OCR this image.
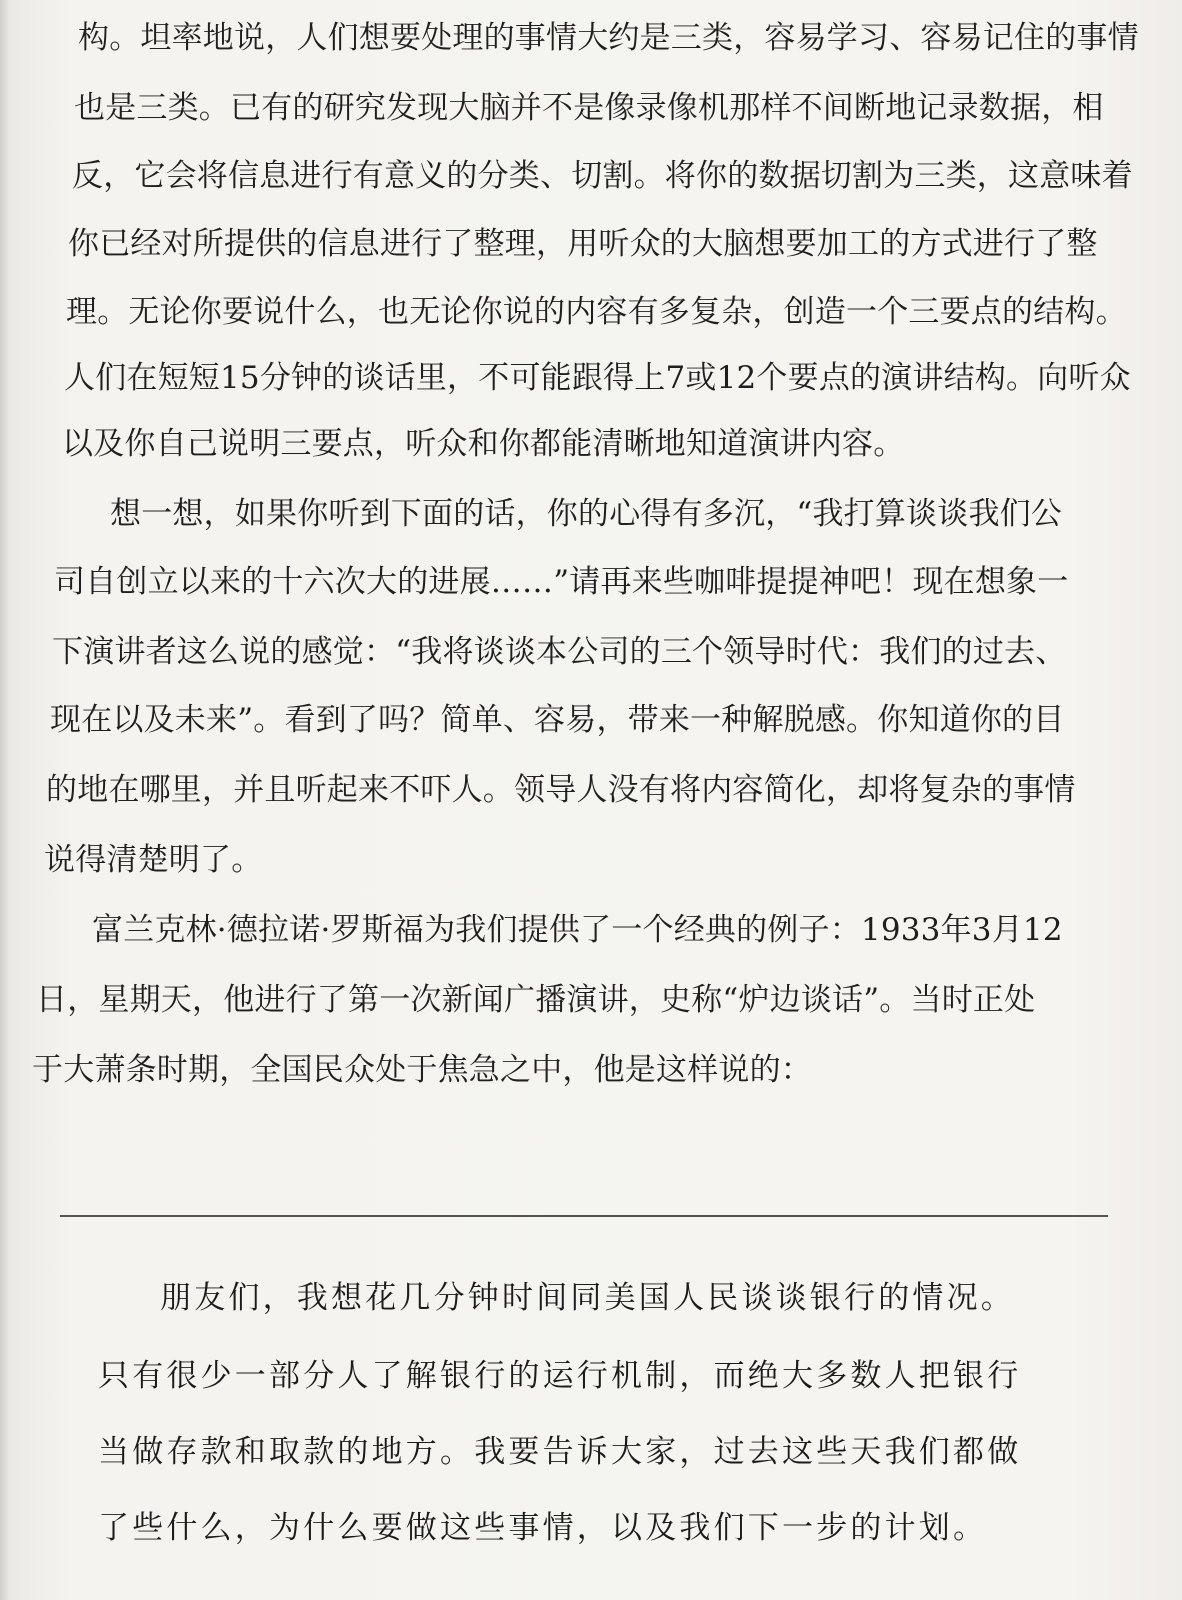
构。坦率地说，人们想要处理的事情大约是三类，容易学习、容易记住的事情
也是三类。已有的研究发现大脑并不是像录像机那样不间断地记录数据，相
反，它会将信息进行有意义的分类、切割。将你的数据切割为三类，这意味着
你已经对所提供的信息进行了整理，用听众的大脑想要加工的方式进行了整
理。无论你要说什么，也无论你说的内容有多复杂，创造一个三要点的结构。
人们在短短15分钟的谈话里，不可能跟得上7或12个要点的演讲结构。向听众
以及你自己说明三要点，听众和你都能清晰地知道演讲内容。
想一想，如果你听到下面的话，你的心得有多沉，“我打算谈谈我们公
司自创立以来的十六次大的进展……”请再来些咖啡提提神吧！现在想象一
下演讲者这么说的感觉：“我将谈谈本公司的三个领导时代：我们的过去、
现在以及未来”。看到了吗？简单、容易，带来一种解脱感。你知道你的目
的地在哪里，并且听起来不吓人。领导人没有将内容简化，却将复杂的事情
说得清楚明了。
富兰克林·德拉诺·罗斯福为我们提供了一个经典的例子：1933年3月12
日，星期天，他进行了第一次新闻广播演讲，史称“炉边谈话”。当时正处
于大萧条时期，全国民众处于焦急之中，他是这样说的：
朋友们，我想花几分钟时间同美国人民谈谈银行的情况。
只有很少一部分人了解银行的运行机制，而绝大多数人把银行
当做存款和取款的地方。我要告诉大家，过去这些天我们都做
了些什么，为什么要做这些事情，以及我们下一步的计划。
